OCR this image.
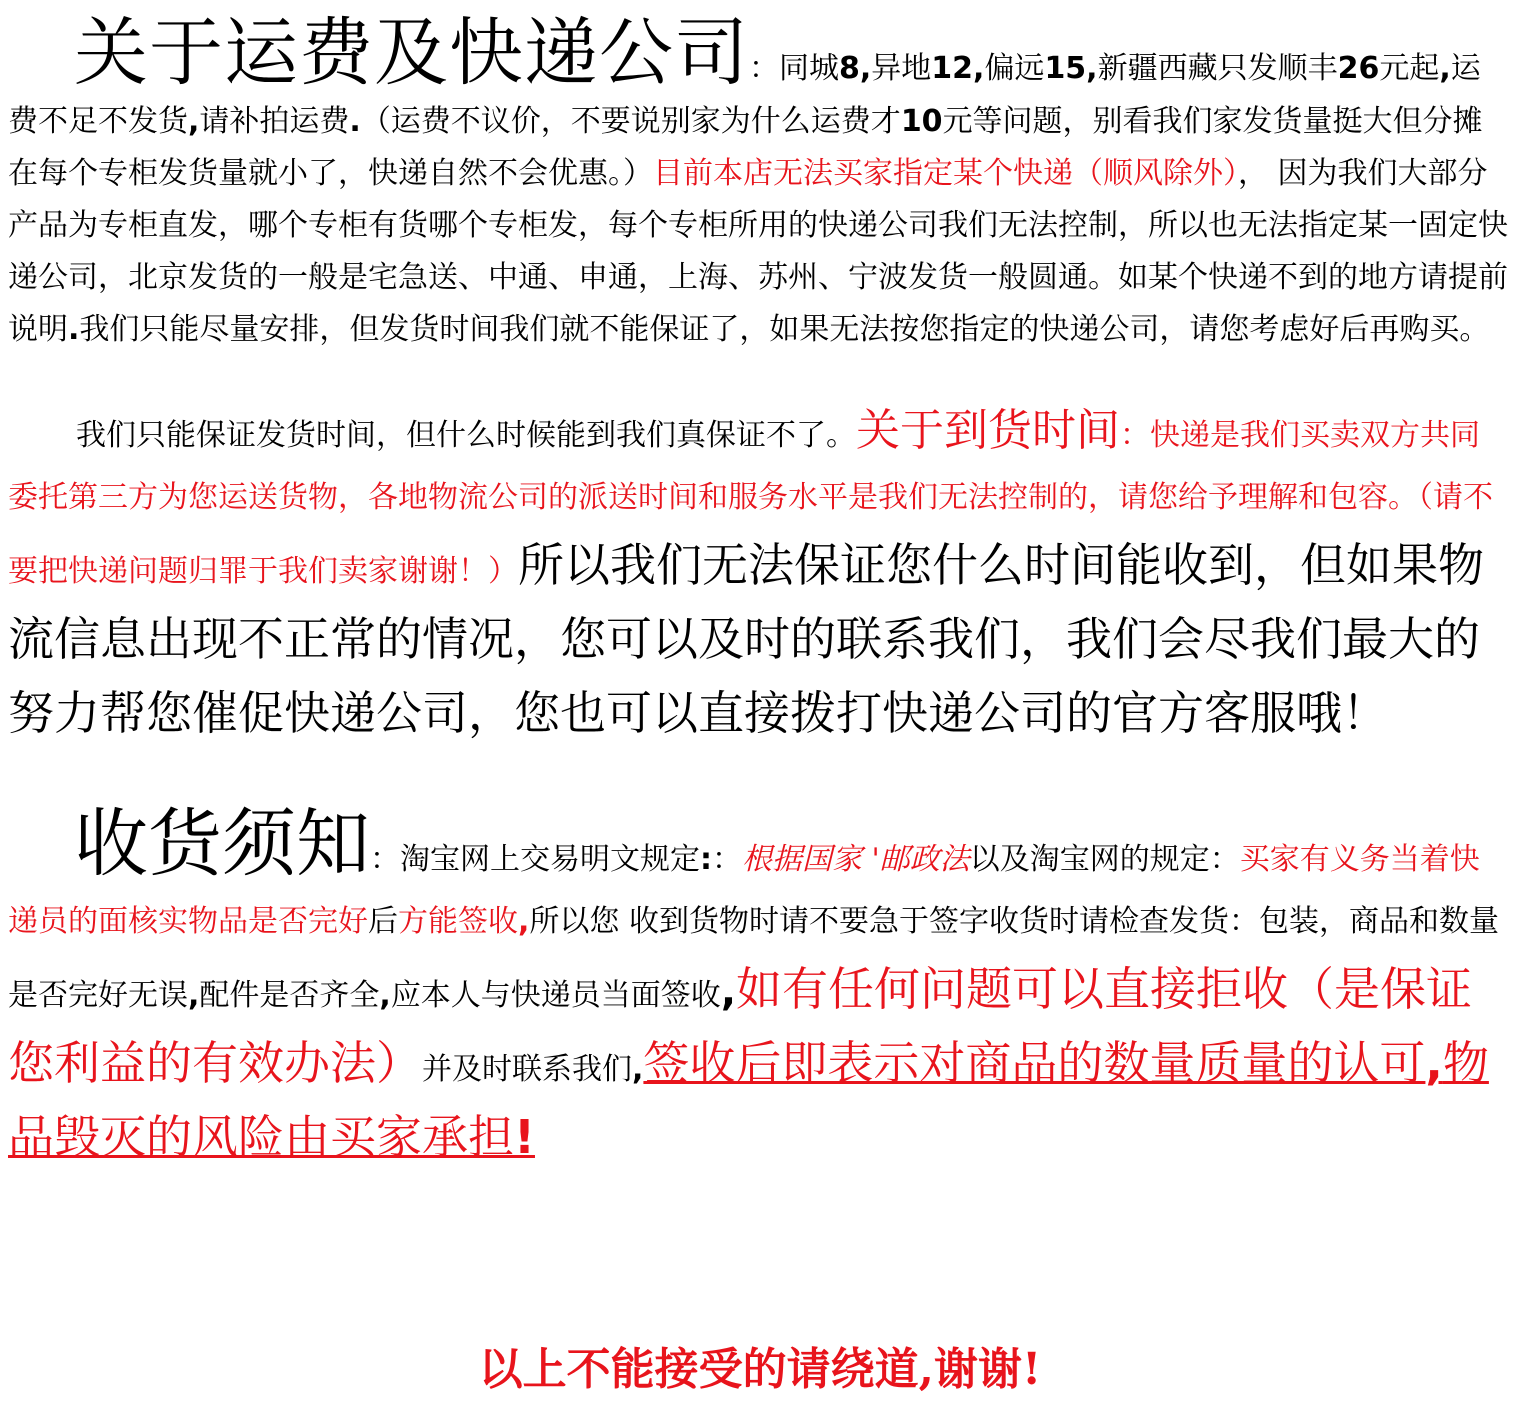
关于运费及快递公司：同城8,异地12,偏远15,新疆西藏只发顺丰26元起,运费不足不发货,请补拍运费.（运费不议价，不要说别家为什么运费才10元等问题，别看我们家发货量挺大但分摊在每个专柜发货量就小了，快递自然不会优惠。）目前本店无法买家指定某个快递（顺风除外）， 因为我们大部分产品为专柜直发，哪个专柜有货哪个专柜发，每个专柜所用的快递公司我们无法控制，所以也无法指定某一固定快递公司，北京发货的一般是宅急送、中通、申通，上海、苏州、宁波发货一般圆通。如某个快递不到的地方请提前说明.我们只能尽量安排，但发货时间我们就不能保证了，如果无法按您指定的快递公司，请您考虑好后再购买。

我们只能保证发货时间，但什么时候能到我们真保证不了。关于到货时间：快递是我们买卖双方共同委托第三方为您运送货物，各地物流公司的派送时间和服务水平是我们无法控制的，请您给予理解和包容。（请不要把快递问题归罪于我们卖家谢谢！）所以我们无法保证您什么时间能收到，但如果物流信息出现不正常的情况，您可以及时的联系我们，我们会尽我们最大的努力帮您催促快递公司，您也可以直接拨打快递公司的官方客服哦！

收货须知：淘宝网上交易明文规定:：根据国家 '邮政法以及淘宝网的规定：买家有义务当着快递员的面核实物品是否完好后方能签收,所以您 收到货物时请不要急于签字收货时请检查发货：包装，商品和数量是否完好无误,配件是否齐全,应本人与快递员当面签收,如有任何问题可以直接拒收（是保证您利益的有效办法）并及时联系我们,签收后即表示对商品的数量质量的认可,物品毁灭的风险由买家承担!

以上不能接受的请绕道,谢谢!
